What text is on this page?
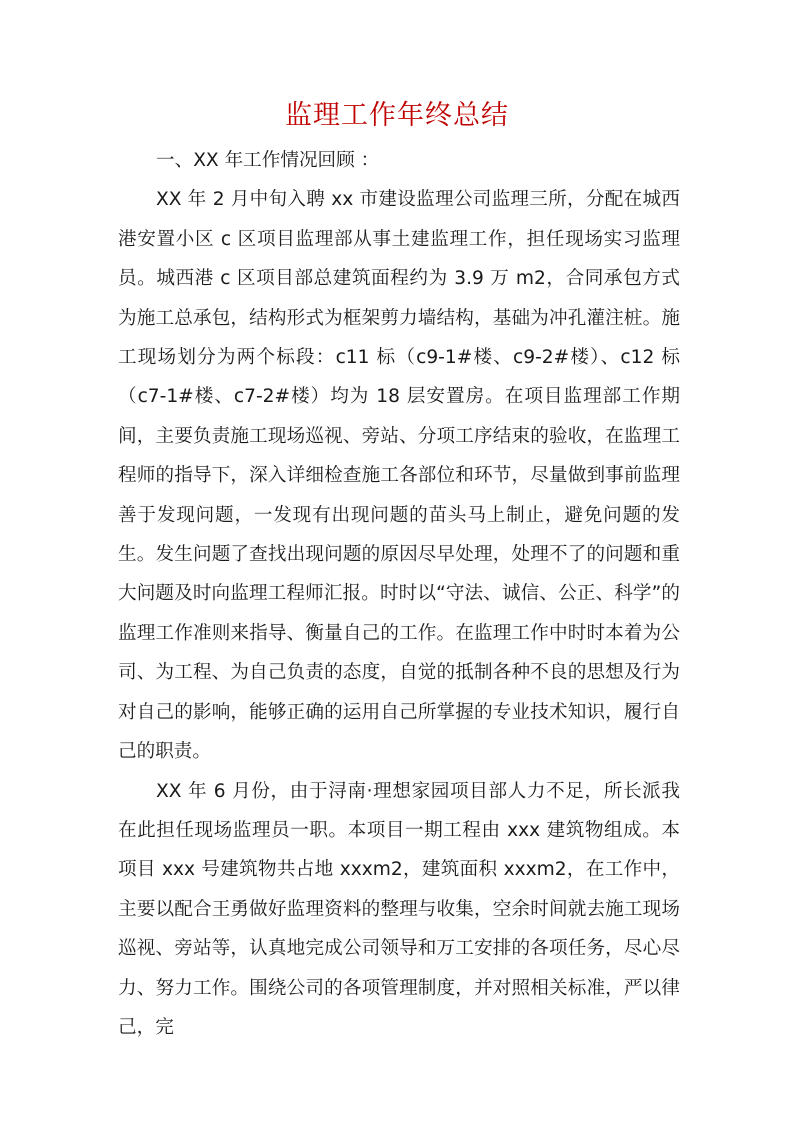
监理工作年终总结

一、XX 年工作情况回顾 ：

XX 年 2 月中旬入聘 xx 市建设监理公司监理三所，分配在城西港安置小区 c 区项目监理部从事土建监理工作，担任现场实习监理员。城西港 c 区项目部总建筑面程约为 3.9 万 m2，合同承包方式为施工总承包，结构形式为框架剪力墙结构，基础为冲孔灌注桩。施工现场划分为两个标段：c11 标（c9-1#楼、c9-2#楼）、c12 标（c7-1#楼、c7-2#楼）均为 18 层安置房。在项目监理部工作期间，主要负责施工现场巡视、旁站、分项工序结束的验收，在监理工程师的指导下，深入详细检查施工各部位和环节，尽量做到事前监理善于发现问题，一发现有出现问题的苗头马上制止，避免问题的发生。发生问题了查找出现问题的原因尽早处理，处理不了的问题和重大问题及时向监理工程师汇报。时时以“守法、诚信、公正、科学”的监理工作准则来指导、衡量自己的工作。在监理工作中时时本着为公司、为工程、为自己负责的态度，自觉的抵制各种不良的思想及行为对自己的影响，能够正确的运用自己所掌握的专业技术知识，履行自己的职责。

XX 年 6 月份，由于浔南·理想家园项目部人力不足，所长派我在此担任现场监理员一职。本项目一期工程由 xxx 建筑物组成。本项目 xxx 号建筑物共占地 xxxm2，建筑面积 xxxm2，在工作中，主要以配合王勇做好监理资料的整理与收集，空余时间就去施工现场巡视、旁站等，认真地完成公司领导和万工安排的各项任务，尽心尽力、努力工作。围绕公司的各项管理制度，并对照相关标准，严以律己，完
